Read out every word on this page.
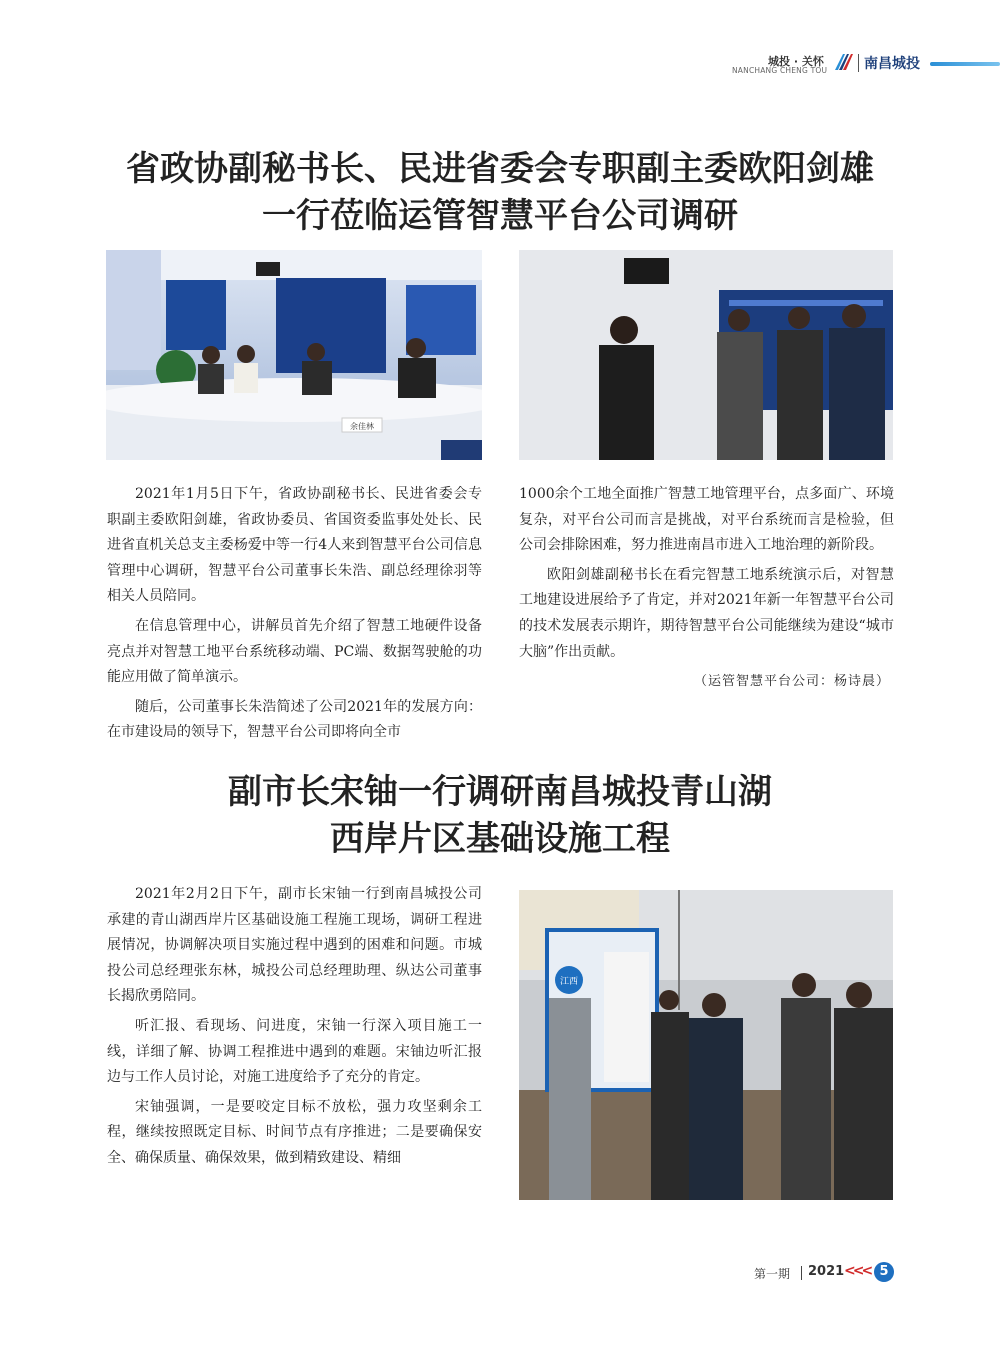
城投 · 关怀
NANCHANG CHENG TOU	南昌城投
省政协副秘书长、民进省委会专职副主委欧阳剑雄
一行莅临运管智慧平台公司调研
余佳林

2021年1月5日下午，省政协副秘书长、民进省委会专职副主委欧阳剑雄，省政协委员、省国资委监事处处长、民进省直机关总支主委杨爱中等一行4人来到智慧平台公司信息管理中心调研，智慧平台公司董事长朱浩、副总经理徐羽等相关人员陪同。

在信息管理中心，讲解员首先介绍了智慧工地硬件设备亮点并对智慧工地平台系统移动端、PC端、数据驾驶舱的功能应用做了简单演示。

随后，公司董事长朱浩简述了公司2021年的发展方向：在市建设局的领导下，智慧平台公司即将向全市

1000余个工地全面推广智慧工地管理平台，点多面广、环境复杂，对平台公司而言是挑战，对平台系统而言是检验，但公司会排除困难，努力推进南昌市进入工地治理的新阶段。

欧阳剑雄副秘书长在看完智慧工地系统演示后，对智慧工地建设进展给予了肯定，并对2021年新一年智慧平台公司的技术发展表示期许，期待智慧平台公司能继续为建设“城市大脑”作出贡献。

（运管智慧平台公司：杨诗晨）

副市长宋铀一行调研南昌城投青山湖
西岸片区基础设施工程

2021年2月2日下午，副市长宋铀一行到南昌城投公司承建的青山湖西岸片区基础设施工程施工现场，调研工程进展情况，协调解决项目实施过程中遇到的困难和问题。市城投公司总经理张东林，城投公司总经理助理、纵达公司董事长揭欣勇陪同。

听汇报、看现场、问进度，宋铀一行深入项目施工一线，详细了解、协调工程推进中遇到的难题。宋铀边听汇报边与工作人员讨论，对施工进度给予了充分的肯定。

宋铀强调，一是要咬定目标不放松，强力攻坚剩余工程，继续按照既定目标、时间节点有序推进；二是要确保安全、确保质量、确保效果，做到精致建设、精细

江西
第一期 2021 <<< 5
